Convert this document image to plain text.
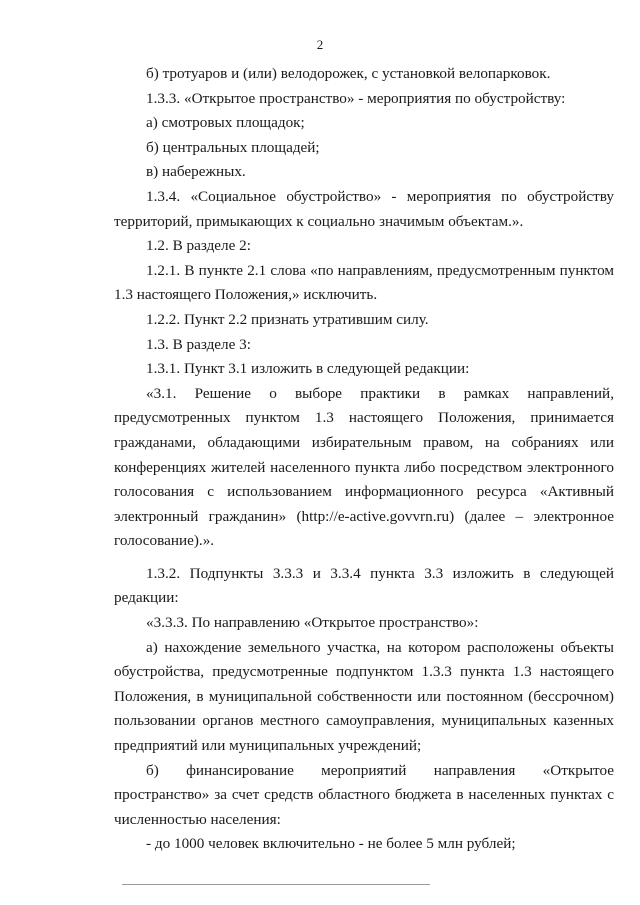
2

б) тротуаров и (или) велодорожек, с установкой велопарковок.

1.3.3. «Открытое пространство» - мероприятия по обустройству:

а) смотровых площадок;

б) центральных площадей;

в) набережных.

1.3.4. «Социальное обустройство» - мероприятия по обустройству территорий, примыкающих к социально значимым объектам.».

1.2. В разделе 2:

1.2.1. В пункте 2.1 слова «по направлениям, предусмотренным пунктом 1.3 настоящего Положения,» исключить.

1.2.2. Пункт 2.2 признать утратившим силу.

1.3. В разделе 3:

1.3.1. Пункт 3.1 изложить в следующей редакции:

«3.1. Решение о выборе практики в рамках направлений, предусмотренных пунктом 1.3 настоящего Положения, принимается гражданами, обладающими избирательным правом, на собраниях или конференциях жителей населенного пункта либо посредством электронного голосования с использованием информационного ресурса «Активный электронный гражданин» (http://e-active.govvrn.ru) (далее – электронное голосование).».

1.3.2. Подпункты 3.3.3 и 3.3.4 пункта 3.3 изложить в следующей редакции:

«3.3.3. По направлению «Открытое пространство»:

а) нахождение земельного участка, на котором расположены объекты обустройства, предусмотренные подпунктом 1.3.3 пункта 1.3 настоящего Положения, в муниципальной собственности или постоянном (бессрочном) пользовании органов местного самоуправления, муниципальных казенных предприятий или муниципальных учреждений;

б) финансирование мероприятий направления «Открытое пространство» за счет средств областного бюджета в населенных пунктах с численностью населения:

- до 1000 человек включительно - не более 5 млн рублей;
